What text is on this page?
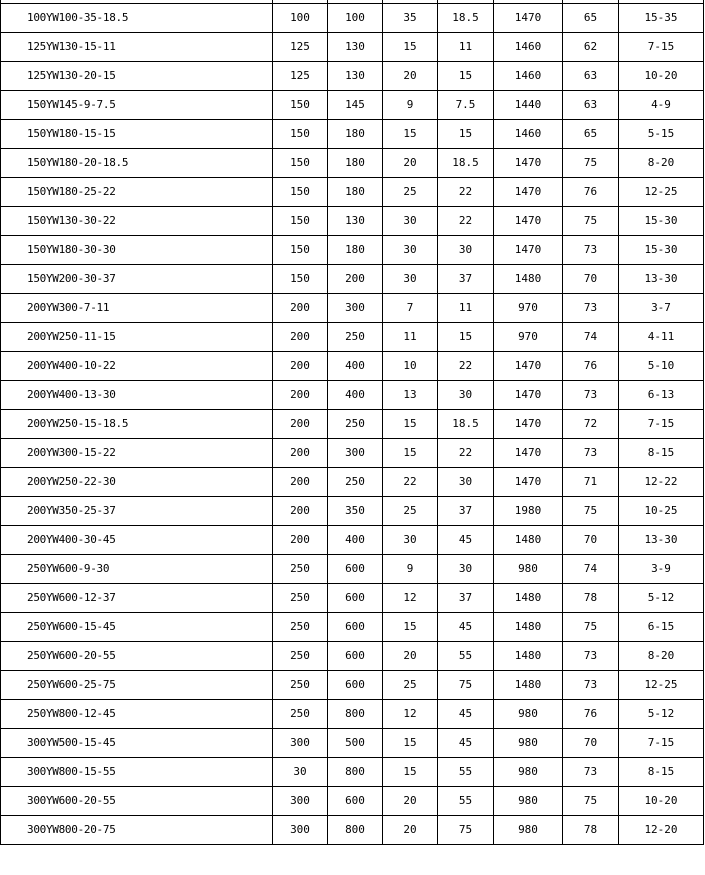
100YW100-35-18.5	100	100	35	18.5	1470	65	15-35
125YW130-15-11	125	130	15	11	1460	62	7-15
125YW130-20-15	125	130	20	15	1460	63	10-20
150YW145-9-7.5	150	145	9	7.5	1440	63	4-9
150YW180-15-15	150	180	15	15	1460	65	5-15
150YW180-20-18.5	150	180	20	18.5	1470	75	8-20
150YW180-25-22	150	180	25	22	1470	76	12-25
150YW130-30-22	150	130	30	22	1470	75	15-30
150YW180-30-30	150	180	30	30	1470	73	15-30
150YW200-30-37	150	200	30	37	1480	70	13-30
200YW300-7-11	200	300	7	11	970	73	3-7
200YW250-11-15	200	250	11	15	970	74	4-11
200YW400-10-22	200	400	10	22	1470	76	5-10
200YW400-13-30	200	400	13	30	1470	73	6-13
200YW250-15-18.5	200	250	15	18.5	1470	72	7-15
200YW300-15-22	200	300	15	22	1470	73	8-15
200YW250-22-30	200	250	22	30	1470	71	12-22
200YW350-25-37	200	350	25	37	1980	75	10-25
200YW400-30-45	200	400	30	45	1480	70	13-30
250YW600-9-30	250	600	9	30	980	74	3-9
250YW600-12-37	250	600	12	37	1480	78	5-12
250YW600-15-45	250	600	15	45	1480	75	6-15
250YW600-20-55	250	600	20	55	1480	73	8-20
250YW600-25-75	250	600	25	75	1480	73	12-25
250YW800-12-45	250	800	12	45	980	76	5-12
300YW500-15-45	300	500	15	45	980	70	7-15
300YW800-15-55	30	800	15	55	980	73	8-15
300YW600-20-55	300	600	20	55	980	75	10-20
300YW800-20-75	300	800	20	75	980	78	12-20
